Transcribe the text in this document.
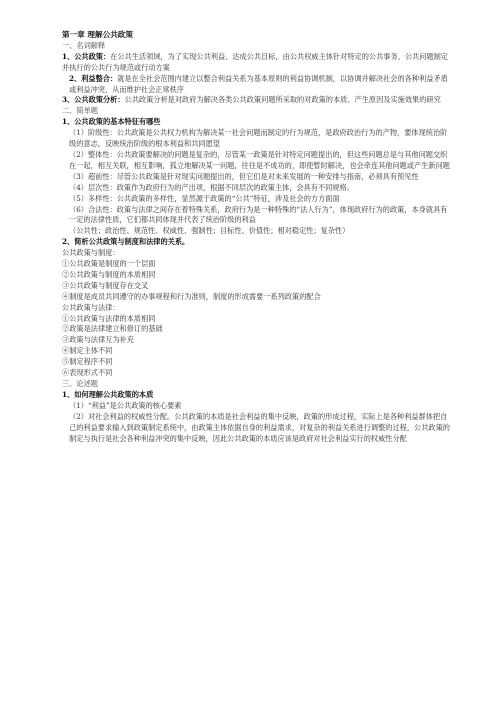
第一章 理解公共政策
一、名词解释
1、公共政策：在公共生活领域，为了实现公共利益、达成公共目标，由公共权威主体针对特定的公共事务、公共问题制定并执行的公共行为规范或行动方案
2、利益整合：就是在全社会范围内建立以整合利益关系为基本原则的利益协调机制，以协调并解决社会的各种利益矛盾或利益冲突，从而维护社会正常秩序
3、公共政策分析：公共政策分析是对政府为解决各类公共政策问题所采取的对政策的本质、产生原因及实施效果的研究
二、简单题
1、公共政策的基本特征有哪些
（1）阶级性：公共政策是公共权力机构为解决某一社会问题而制定的行为规范，是政府政治行为的产物，要体现统治阶级的意志，反映统治阶级的根本利益和共同愿望
（2）整体性：公共政策要解决的问题是复杂的，尽管某一政策是针对特定问题提出的，但这些问题总是与其他问题交织在一起，相互关联，相互影响，孤立地解决某一问题，往往是不成功的，即使暂时解决，也会牵连其他问题或产生新问题
（3）超前性：尽管公共政策是针对现实问题提出的，但它们是对未来发展的一种安排与指南，必须具有预见性
（4）层次性：政策作为政府行为的产出项，根据不同层次的政策主体，会具有不同规格。
（5）多样性：公共政策的多样性，显然源于政策的“公共”特征，涉及社会的方方面面
（6）合法性：政策与法律之间存在着特殊关系，政府行为是一种特殊的“法人行为”，体现政府行为的政策，本身就具有一定的法律性质，它们都共同体现并代表了统治阶级的利益
（公共性；政治性、规范性、权威性、强制性；目标性、价值性；相对稳定性；复杂性）
2、简析公共政策与制度和法律的关系。
公共政策与制度：
①公共政策是制度的一个层面
②公共政策与制度的本质相同
③公共政策与制度存在交叉
④制度是成员共同遵守的办事规程和行为准则，制度的形成需要一系列政策的配合
公共政策与法律：
①公共政策与法律的本质相同
②政策是法律建立和修订的基础
③政策与法律互为补充
④制定主体不同
⑤制定程序不同
⑥表现形式不同
三、论述题
1、如何理解公共政策的本质
（1）“利益”是公共政策的核心要素
（2）对社会利益的权威性分配。公共政策的本质是社会利益的集中反映，政策的形成过程，实际上是各种利益群体把自己的利益要求输入到政策制定系统中，由政策主体依据自身的利益需求，对复杂的利益关系进行调整的过程，公共政策的制定与执行是社会各种利益冲突的集中反映，因此公共政策的本质应该是政府对社会利益实行的权威性分配
